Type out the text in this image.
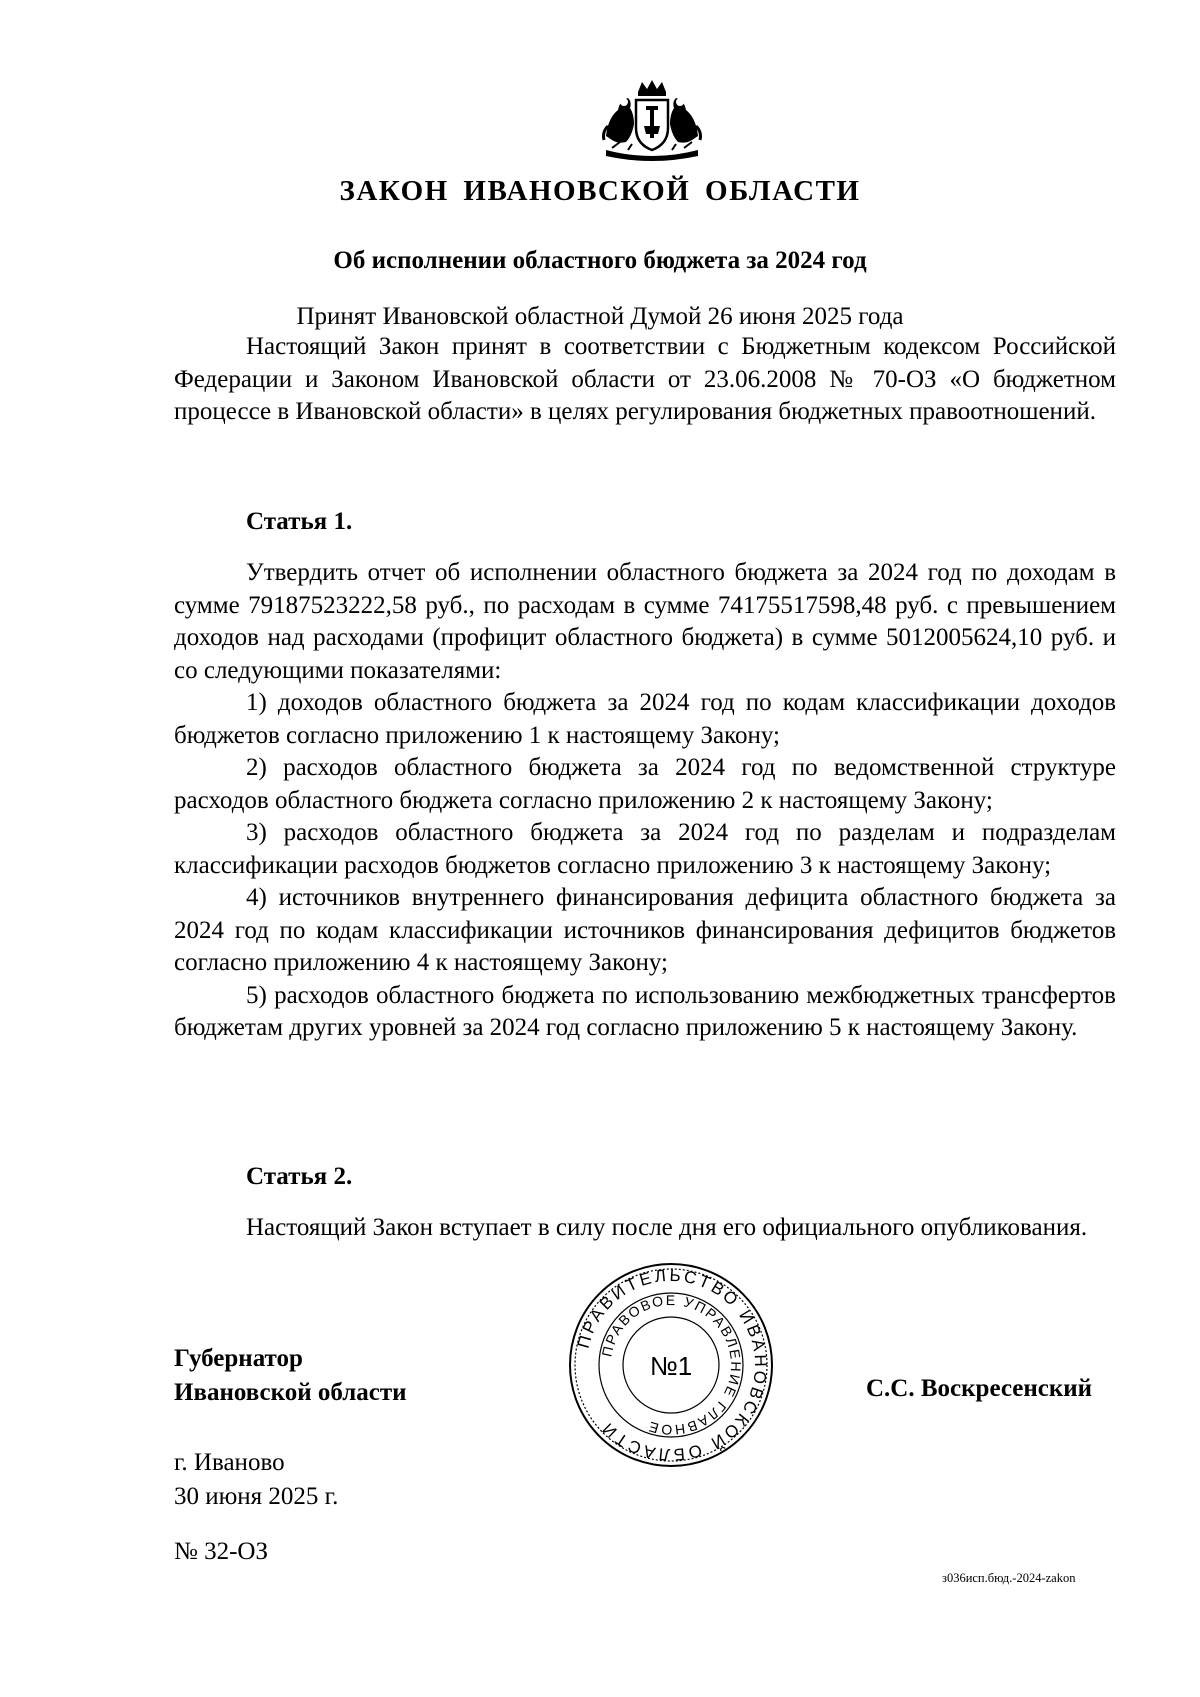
ЗАКОН ИВАНОВСКОЙ ОБЛАСТИ
Об исполнении областного бюджета за 2024 год
Принят Ивановской областной Думой 26 июня 2025 года

Настоящий Закон принят в соответствии с Бюджетным кодексом Российской Федерации и Законом Ивановской области от 23.06.2008 № 70-ОЗ «О бюджетном процессе в Ивановской области» в целях регулирования бюджетных правоотношений.

Статья 1.

Утвердить отчет об исполнении областного бюджета за 2024 год по доходам в сумме 79187523222,58 руб., по расходам в сумме 74175517598,48 руб. с превышением доходов над расходами (профицит областного бюджета) в сумме 5012005624,10 руб. и со следующими показателями:

1) доходов областного бюджета за 2024 год по кодам классификации доходов бюджетов согласно приложению 1 к настоящему Закону;

2) расходов областного бюджета за 2024 год по ведомственной структуре расходов областного бюджета согласно приложению 2 к настоящему Закону;

3) расходов областного бюджета за 2024 год по разделам и подразделам классификации расходов бюджетов согласно приложению 3 к настоящему Закону;

4) источников внутреннего финансирования дефицита областного бюджета за 2024 год по кодам классификации источников финансирования дефицитов бюджетов согласно приложению 4 к настоящему Закону;

5) расходов областного бюджета по использованию межбюджетных трансфертов бюджетам других уровней за 2024 год согласно приложению 5 к настоящему Закону.

Статья 2.

Настоящий Закон вступает в силу после дня его официального опубликования.

Губернатор
Ивановской области	С.С. Воскресенский
ПРАВИТЕЛЬСТВО ИВАНОВСКОЙ ОБЛАСТИ
ПРАВОВОЕ УПРАВЛЕНИЕ ГЛАВНОЕ
№1
г. Иваново
30 июня 2025 г.
№ 32-ОЗ
з036исп.бюд.-2024-zakon
